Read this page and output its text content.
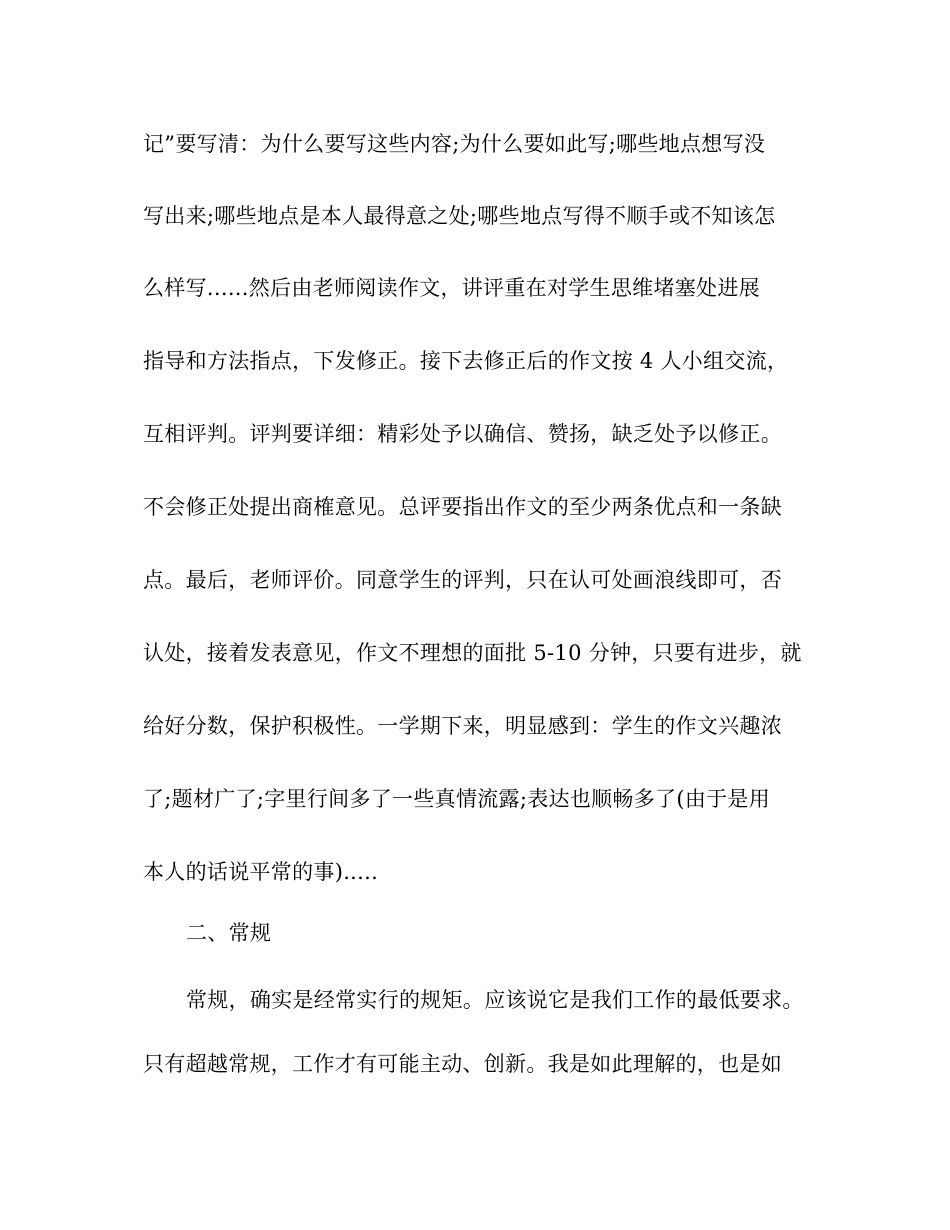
记”要写清：为什么要写这些内容;为什么要如此写;哪些地点想写没
写出来;哪些地点是本人最得意之处;哪些地点写得不顺手或不知该怎
么样写......然后由老师阅读作文，讲评重在对学生思维堵塞处进展
指导和方法指点，下发修正。接下去修正后的作文按 4 人小组交流，
互相评判。评判要详细：精彩处予以确信、赞扬，缺乏处予以修正。
不会修正处提出商榷意见。总评要指出作文的至少两条优点和一条缺
点。最后，老师评价。同意学生的评判，只在认可处画浪线即可，否
认处，接着发表意见，作文不理想的面批 5-10 分钟，只要有进步，就
给好分数，保护积极性。一学期下来，明显感到：学生的作文兴趣浓
了;题材广了;字里行间多了一些真情流露;表达也顺畅多了(由于是用
本人的话说平常的事).....
二、常规
常规，确实是经常实行的规矩。应该说它是我们工作的最低要求。
只有超越常规，工作才有可能主动、创新。我是如此理解的，也是如
